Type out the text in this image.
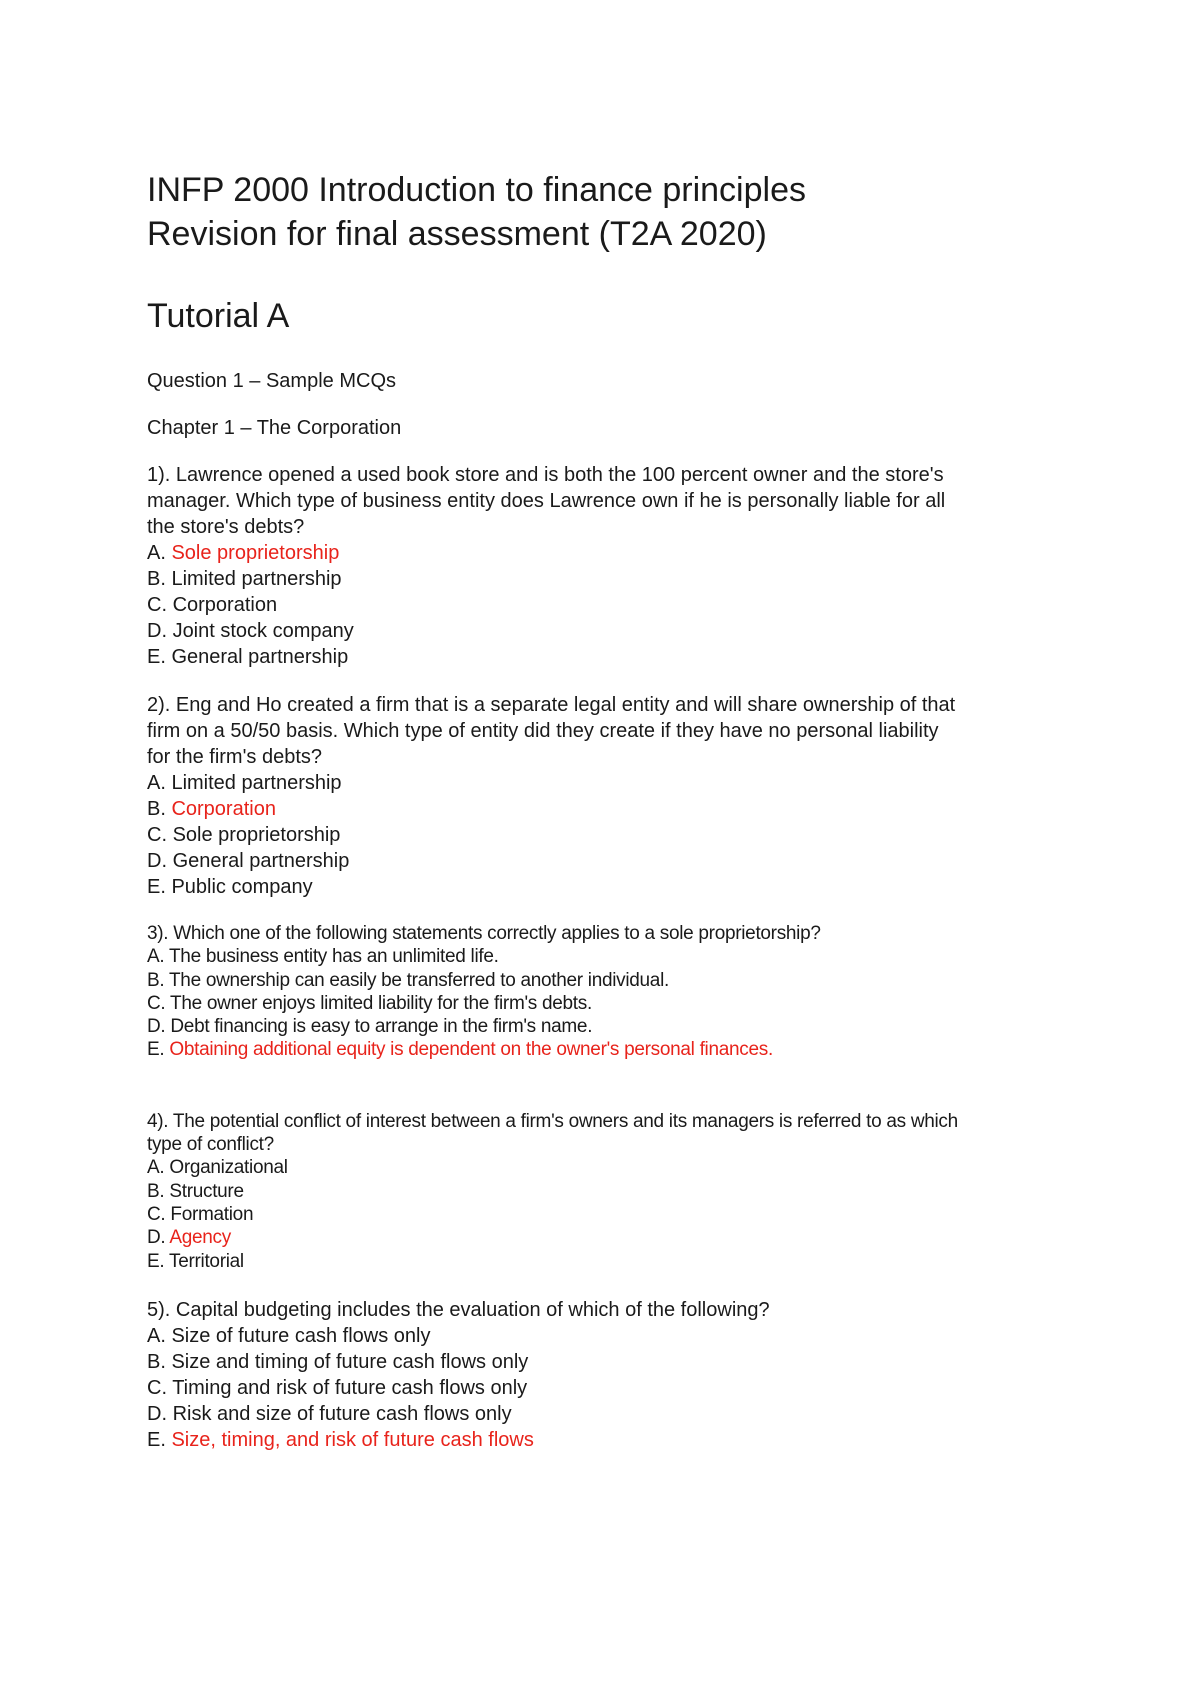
INFP 2000 Introduction to finance principles
Revision for final assessment (T2A 2020)
Tutorial A

Question 1 – Sample MCQs

Chapter 1 – The Corporation

1). Lawrence opened a used book store and is both the 100 percent owner and the store's
manager. Which type of business entity does Lawrence own if he is personally liable for all
the store's debts?

A. Sole proprietorship

B. Limited partnership

C. Corporation

D. Joint stock company

E. General partnership

2). Eng and Ho created a firm that is a separate legal entity and will share ownership of that
firm on a 50/50 basis. Which type of entity did they create if they have no personal liability
for the firm's debts?

A. Limited partnership

B. Corporation

C. Sole proprietorship

D. General partnership

E. Public company

3). Which one of the following statements correctly applies to a sole proprietorship?

A. The business entity has an unlimited life.

B. The ownership can easily be transferred to another individual.

C. The owner enjoys limited liability for the firm's debts.

D. Debt financing is easy to arrange in the firm's name.

E. Obtaining additional equity is dependent on the owner's personal finances.

4). The potential conflict of interest between a firm's owners and its managers is referred to as which
type of conflict?

A. Organizational

B. Structure

C. Formation

D. Agency

E. Territorial

5). Capital budgeting includes the evaluation of which of the following?

A. Size of future cash flows only

B. Size and timing of future cash flows only

C. Timing and risk of future cash flows only

D. Risk and size of future cash flows only

E. Size, timing, and risk of future cash flows
